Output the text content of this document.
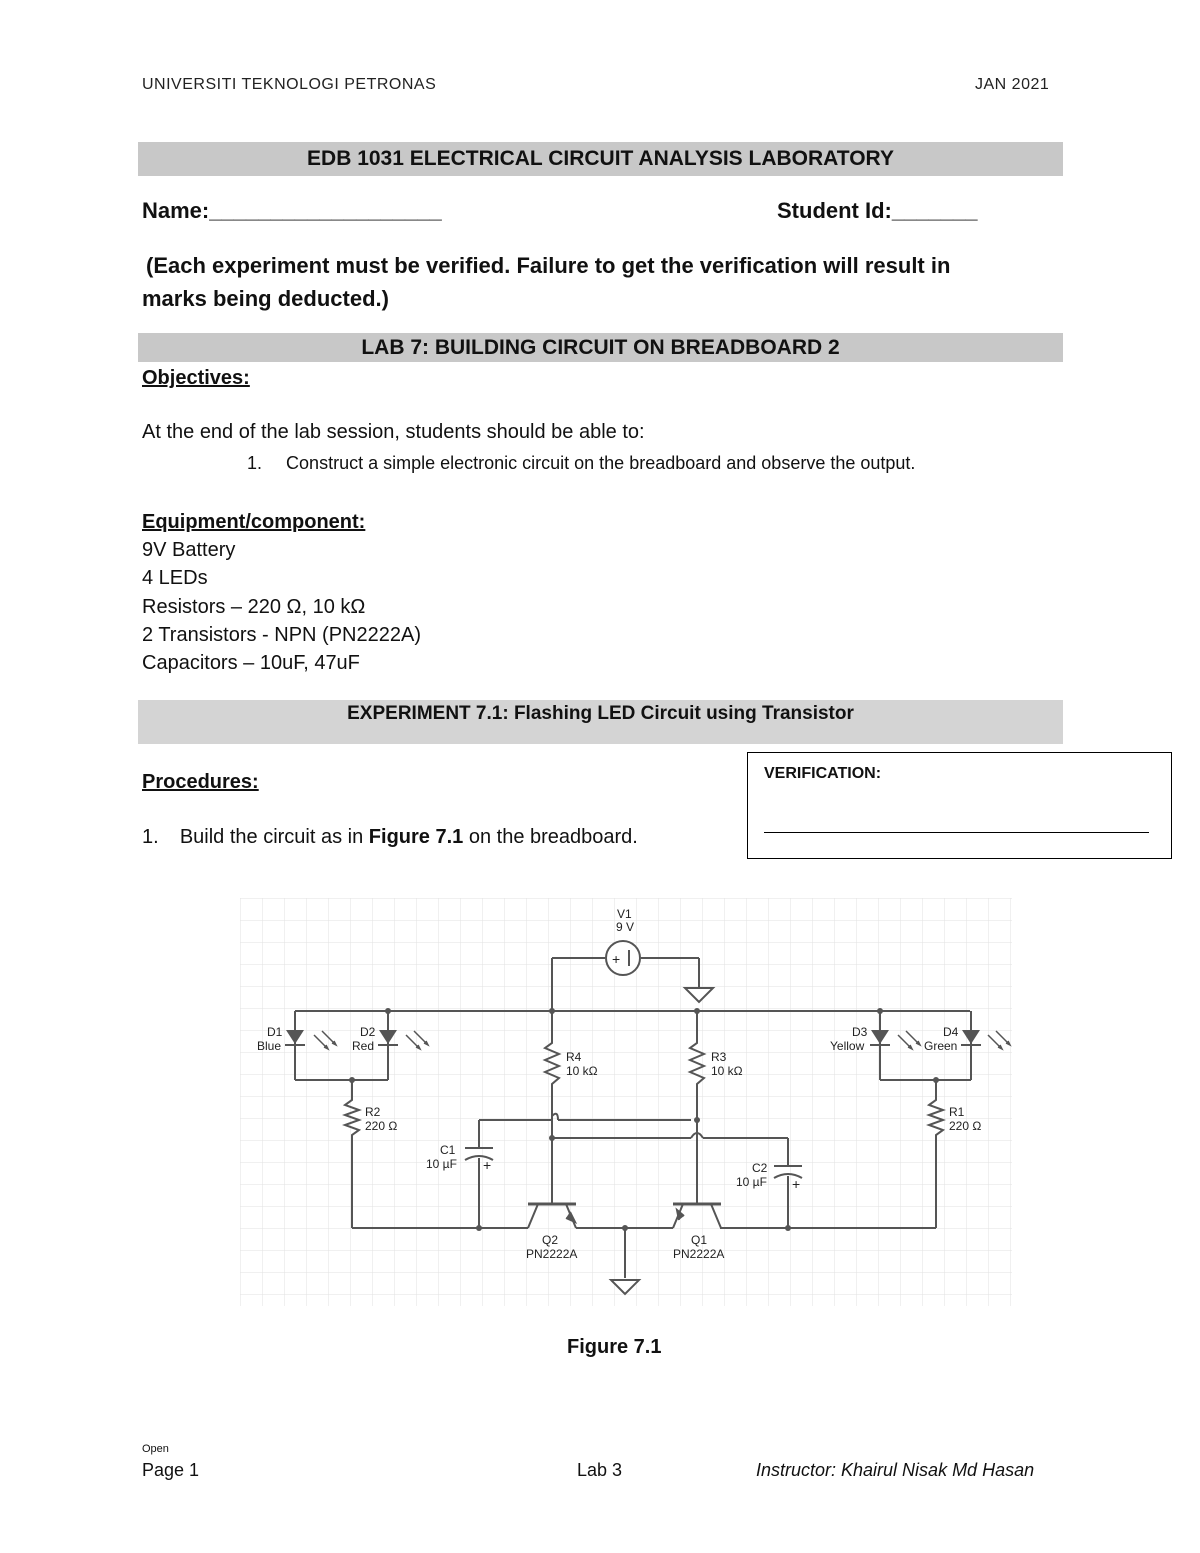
UNIVERSITI TEKNOLOGI PETRONAS	JAN 2021
EDB 1031 ELECTRICAL CIRCUIT ANALYSIS LABORATORY
Name:___________________	Student Id:_______
(Each experiment must be verified. Failure to get the verification will result in
marks being deducted.)
LAB 7: BUILDING CIRCUIT ON BREADBOARD 2
Objectives:
At the end of the lab session, students should be able to:
1. Construct a simple electronic circuit on the breadboard and observe the output.
Equipment/component:
9V Battery
4 LEDs
Resistors – 220 Ω, 10 kΩ
2 Transistors - NPN (PN2222A)
Capacitors – 10uF, 47uF
EXPERIMENT 7.1: Flashing LED Circuit using Transistor
Procedures:
1. Build the circuit as in Figure 7.1 on the breadboard.
VERIFICATION:
+
V1
9 V
D1
Blue
D2
Red
D3
Yellow
D4
Green
R4
10 kΩ
R3
10 kΩ
R2
220 Ω
R1
220 Ω
C1
10 µF +	C2
10 µF +
Q2
PN2222A
Q1
PN2222A
Figure 7.1
Open
Page 1	Lab 3	Instructor: Khairul Nisak Md Hasan
